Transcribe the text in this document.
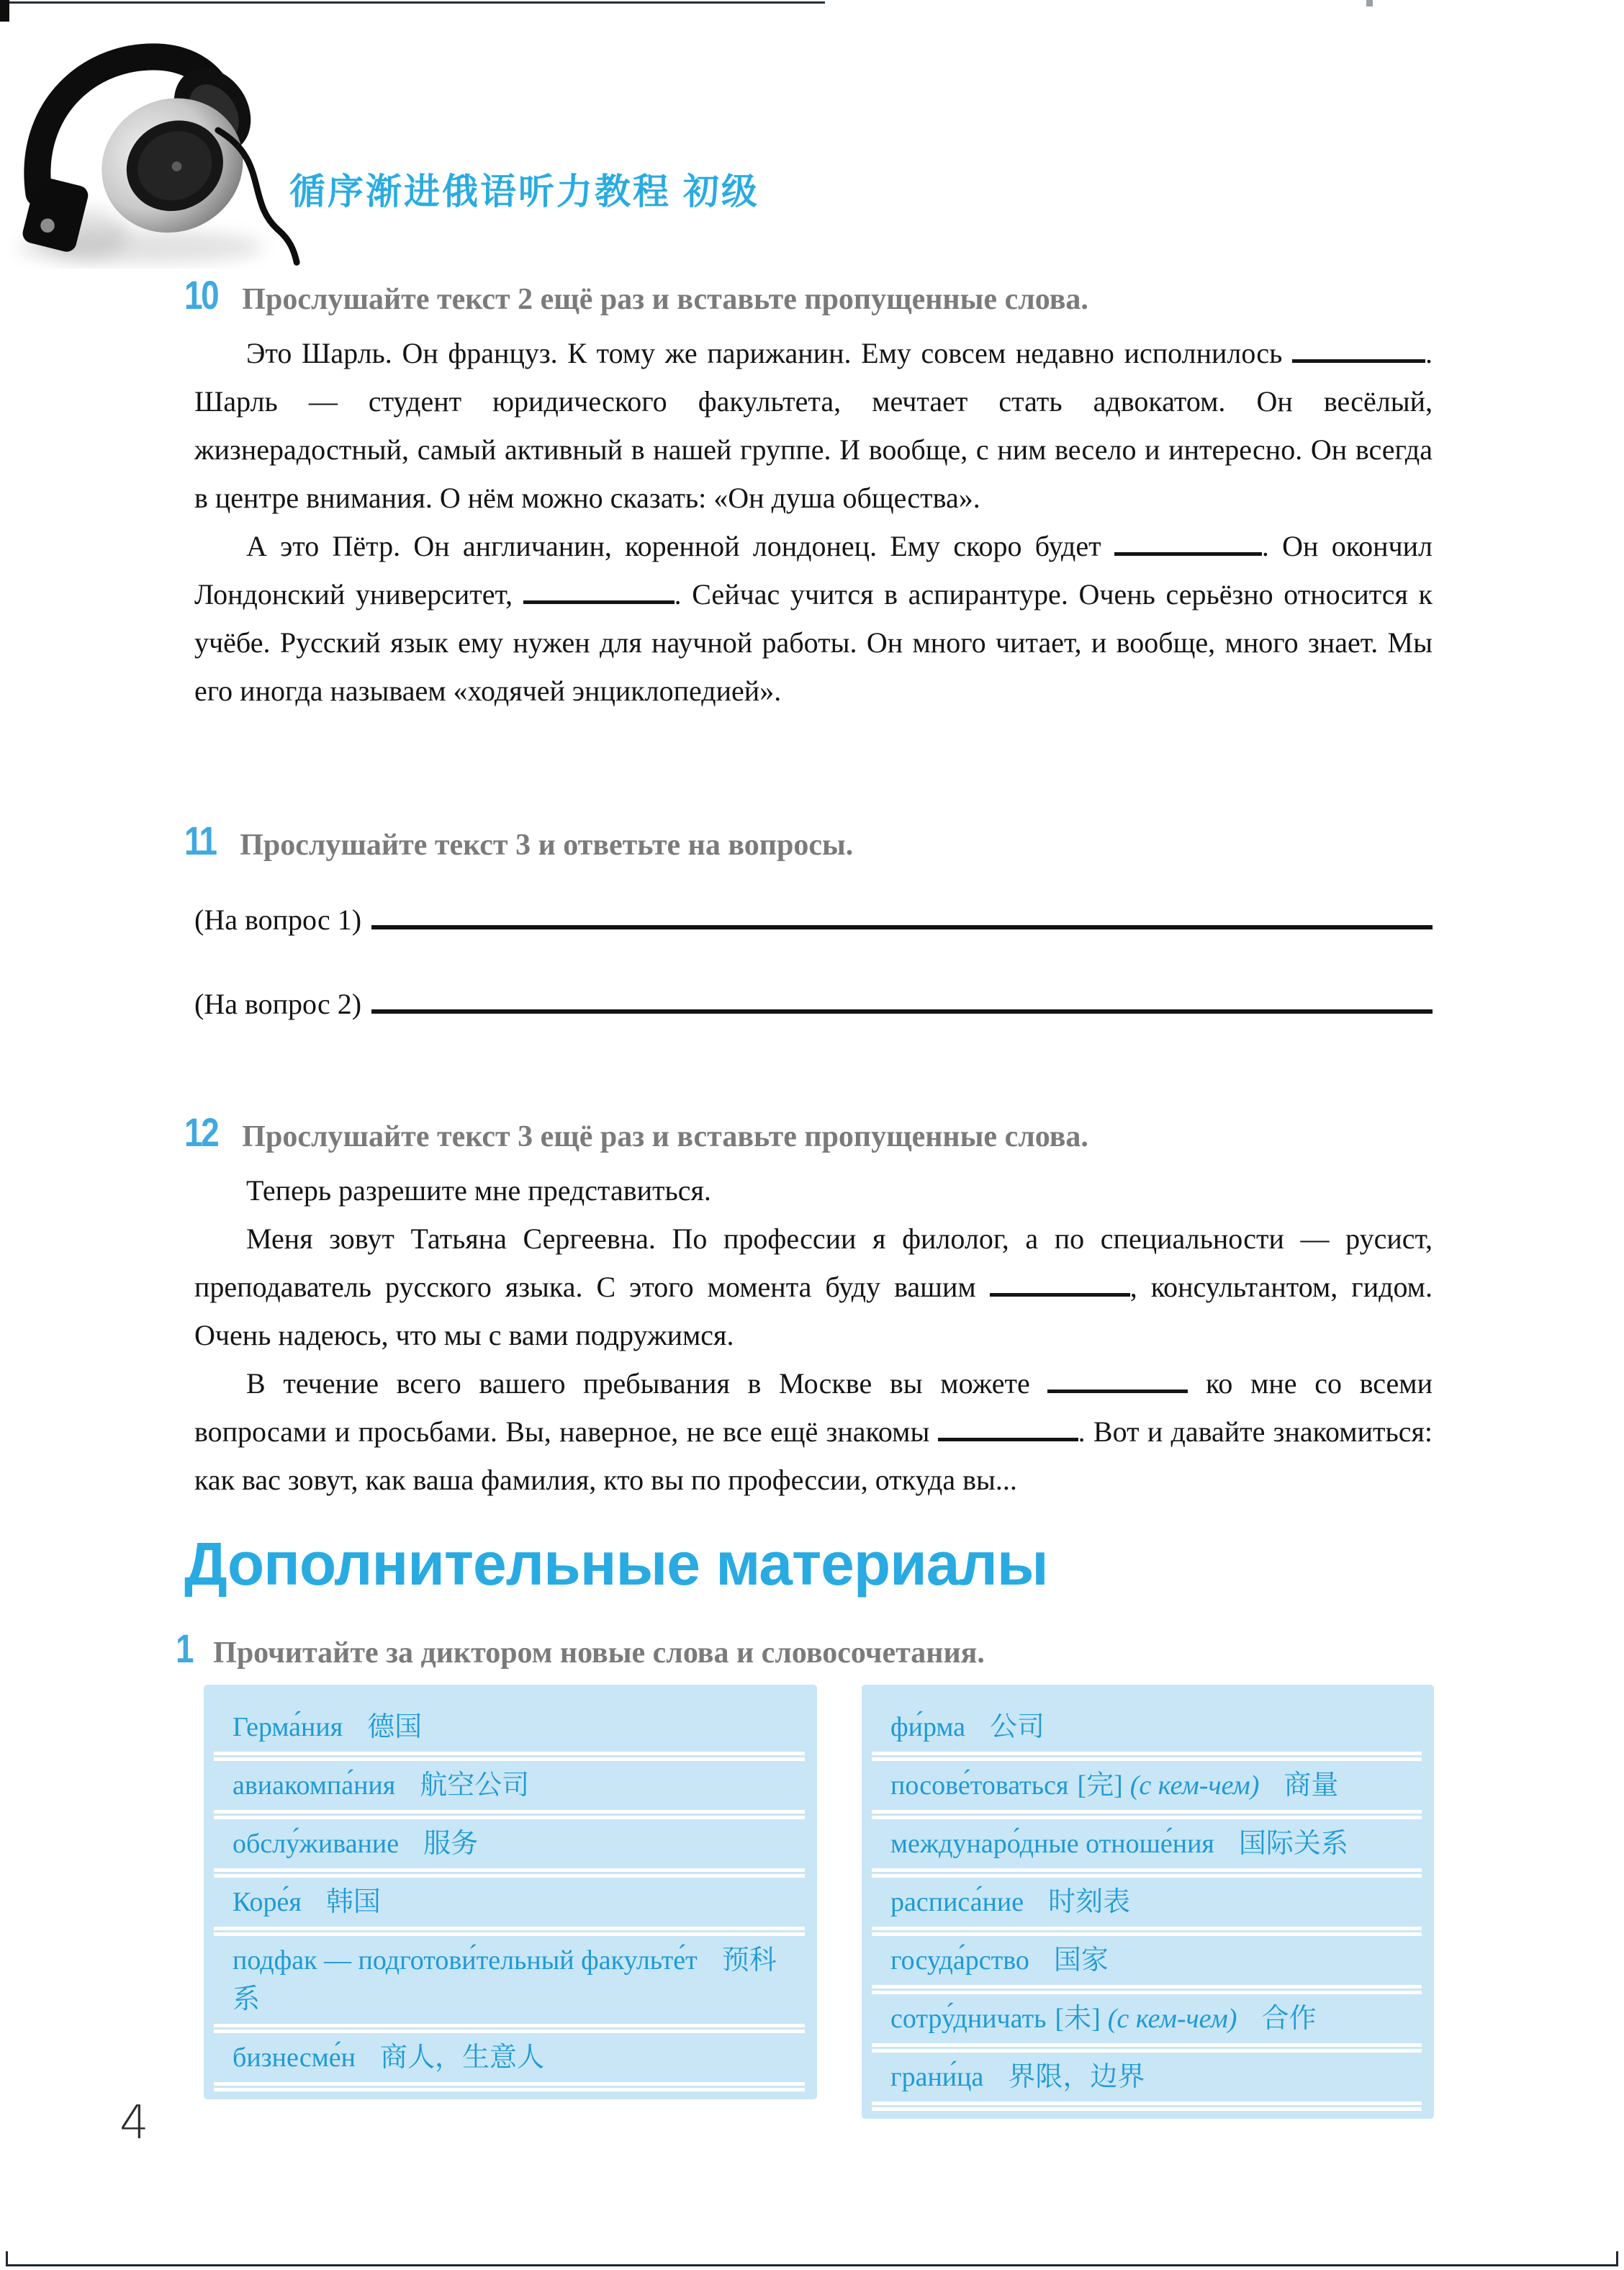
循序渐进俄语听力教程 初级
10 Прослушайте текст 2 ещё раз и вставьте пропущенные слова.

Это Шарль. Он француз. К тому же парижанин. Ему совсем недавно исполнилось	. Шарль — студент юридического факультета, мечтает стать адвокатом. Он весёлый, жизнерадостный, самый активный в нашей группе. И вообще, с ним весело и интересно. Он всегда в центре внимания. О нём можно сказать: «Он душа общества».

А это Пётр. Он англичанин, коренной лондонец. Ему скоро будет	. Он окончил Лондонский университет,	. Сейчас учится в аспирантуре. Очень серьёзно относится к учёбе. Русский язык ему нужен для научной работы. Он много читает, и вообще, много знает. Мы его иногда называем «ходячей энциклопедией».

11 Прослушайте текст 3 и ответьте на вопросы.
(На вопрос 1)
(На вопрос 2)
12 Прослушайте текст 3 ещё раз и вставьте пропущенные слова.

Теперь разрешите мне представиться.

Меня зовут Татьяна Сергеевна. По профессии я филолог, а по специальности — русист, преподаватель русского языка. С этого момента буду вашим	, консультантом, гидом. Очень надеюсь, что мы с вами подружимся.

В течение всего вашего пребывания в Москве вы можете	ко мне со всеми вопросами и просьбами. Вы, наверное, не все ещё знакомы	. Вот и давайте знакомиться: как вас зовут, как ваша фамилия, кто вы по профессии, откуда вы...

Дополнительные материалы
1 Прочитайте за диктором новые слова и словосочетания.
Герма́ния 德国
авиакомпа́ния 航空公司
обслу́живание 服务
Коре́я 韩国
подфак — подготови́тельный факульте́т 预科系
бизнесме́н 商人，生意人
фи́рма 公司
посове́товаться [完] (с кем-чем) 商量
междунаро́дные отноше́ния 国际关系
расписа́ние 时刻表
госуда́рство 国家
сотру́дничать [未] (с кем-чем) 合作
грани́ца 界限，边界
4
